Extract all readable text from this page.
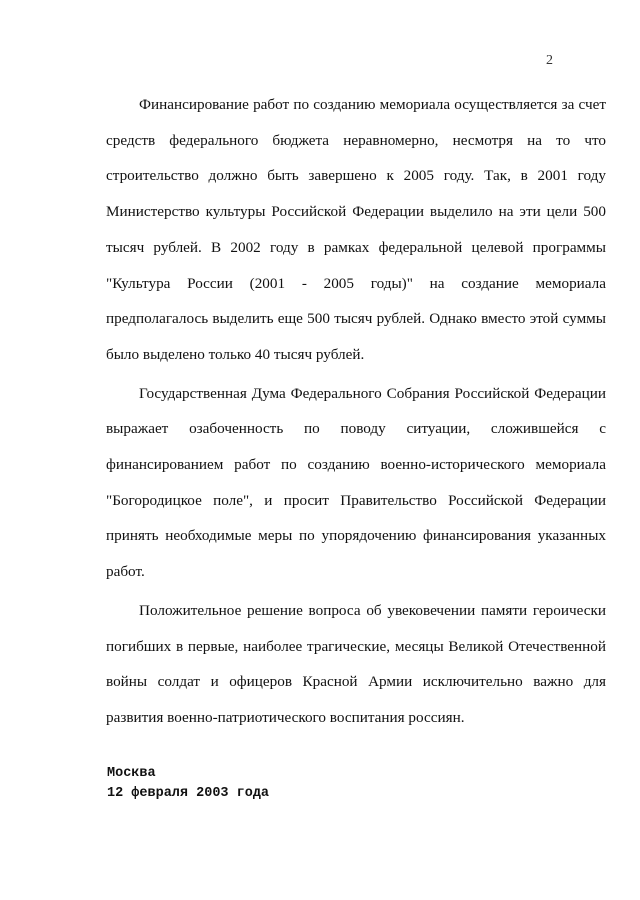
2

Финансирование работ по созданию мемориала осуществляется за счет средств федерального бюджета неравномерно, несмотря на то что строительство должно быть завершено к 2005 году. Так, в 2001 году Министерство культуры Российской Федерации выделило на эти цели 500 тысяч рублей. В 2002 году в рамках федеральной целевой программы "Культура России (2001 - 2005 годы)" на создание мемориала предполагалось выделить еще 500 тысяч рублей. Однако вместо этой суммы было выделено только 40 тысяч рублей.

Государственная Дума Федерального Собрания Российской Федерации выражает озабоченность по поводу ситуации, сложившейся с финансированием работ по созданию военно-исторического мемориала "Богородицкое поле", и просит Правительство Российской Федерации принять необходимые меры по упорядочению финансирования указанных работ.

Положительное решение вопроса об увековечении памяти героически погибших в первые, наиболее трагические, месяцы Великой Отечественной войны солдат и офицеров Красной Армии исключительно важно для развития военно-патриотического воспитания россиян.

Москва
12 февраля 2003 года
